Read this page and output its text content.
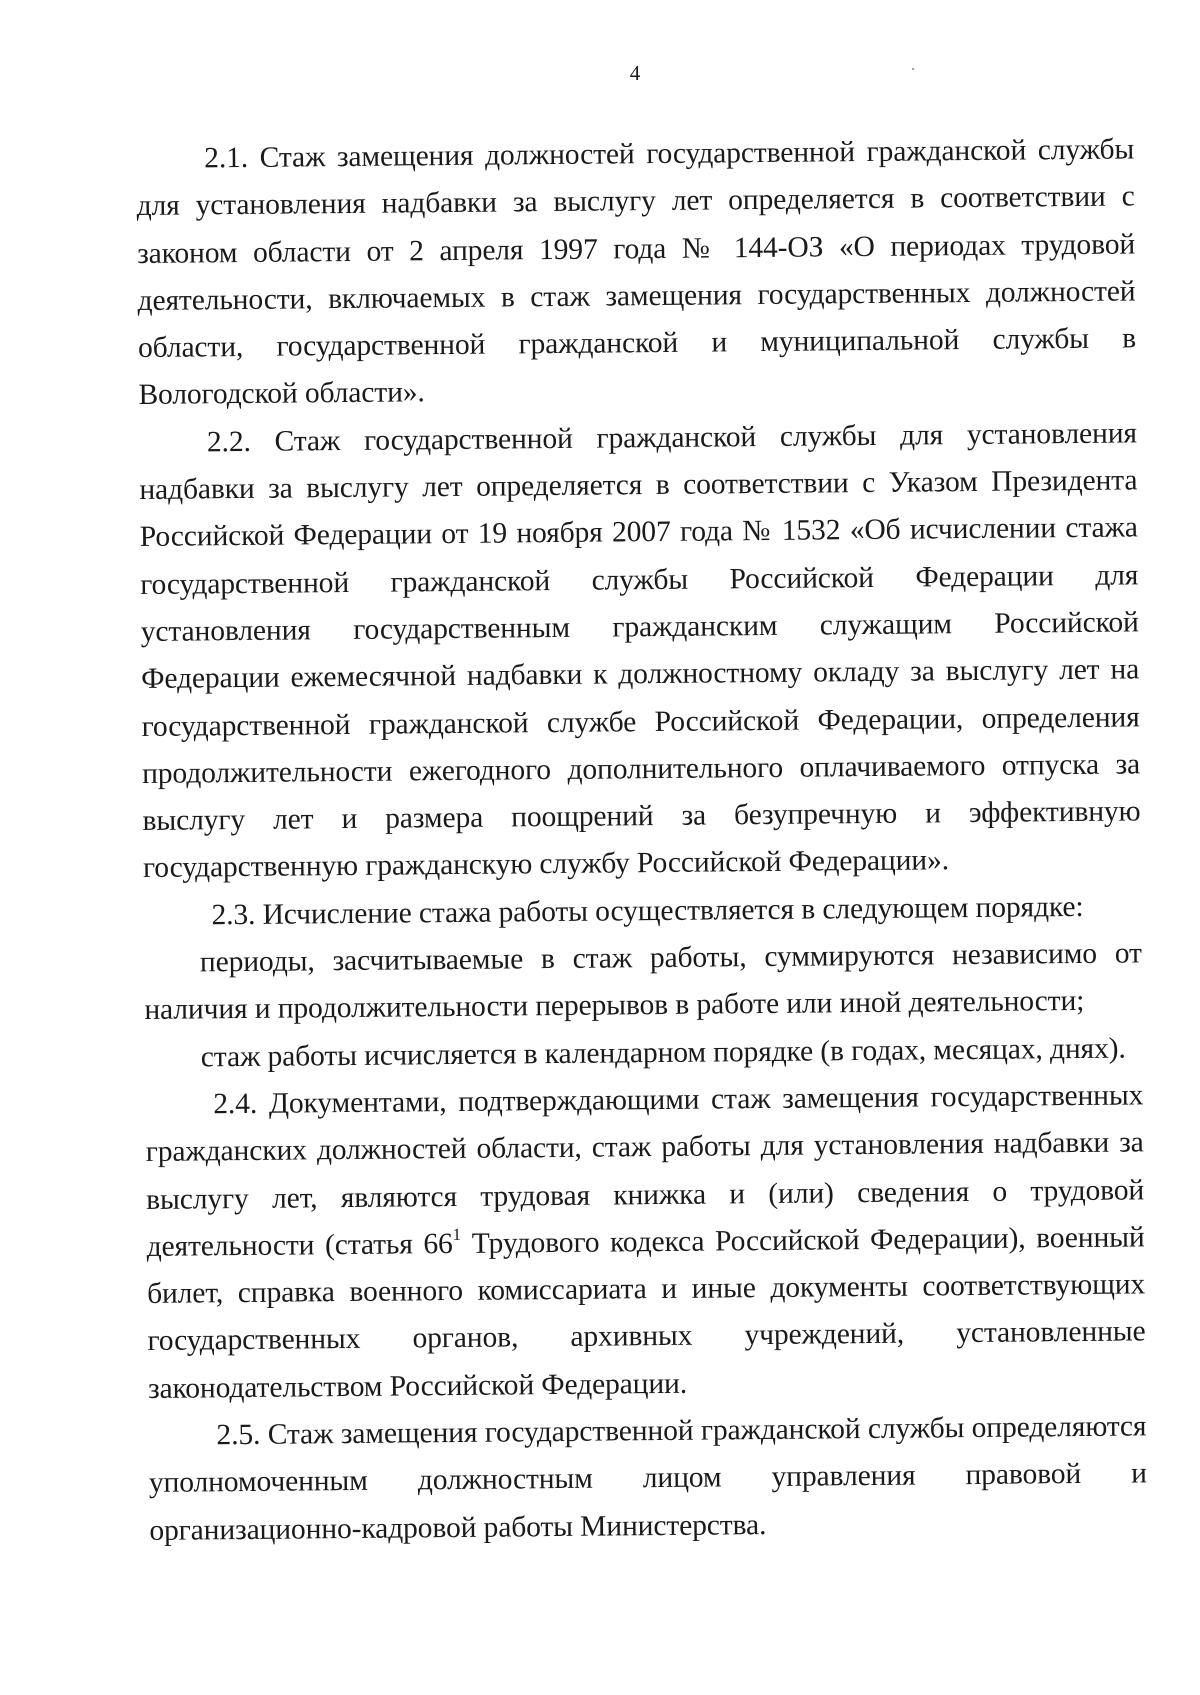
4

2.1. Стаж замещения должностей государственной гражданской службы для установления надбавки за выслугу лет определяется в соответствии с законом области от 2 апреля 1997 года № 144-ОЗ «О периодах трудовой деятельности, включаемых в стаж замещения государственных должностей области, государственной гражданской и муниципальной службы в Вологодской области».

2.2. Стаж государственной гражданской службы для установления надбавки за выслугу лет определяется в соответствии с Указом Президента Российской Федерации от 19 ноября 2007 года № 1532 «Об исчислении стажа государственной гражданской службы Российской Федерации для установления государственным гражданским служащим Российской Федерации ежемесячной надбавки к должностному окладу за выслугу лет на государственной гражданской службе Российской Федерации, определения продолжительности ежегодного дополнительного оплачиваемого отпуска за выслугу лет и размера поощрений за безупречную и эффективную государственную гражданскую службу Российской Федерации».

2.3. Исчисление стажа работы осуществляется в следующем порядке:

периоды, засчитываемые в стаж работы, суммируются независимо от наличия и продолжительности перерывов в работе или иной деятельности;

стаж работы исчисляется в календарном порядке (в годах, месяцах, днях).

2.4. Документами, подтверждающими стаж замещения государственных гражданских должностей области, стаж работы для установления надбавки за выслугу лет, являются трудовая книжка и (или) сведения о трудовой деятельности (статья $66^1$ Трудового кодекса Российской Федерации), военный билет, справка военного комиссариата и иные документы соответствующих государственных органов, архивных учреждений, установленные законодательством Российской Федерации.

2.5. Стаж замещения государственной гражданской службы определяются уполномоченным должностным лицом управления правовой и организационно-кадровой работы Министерства.
